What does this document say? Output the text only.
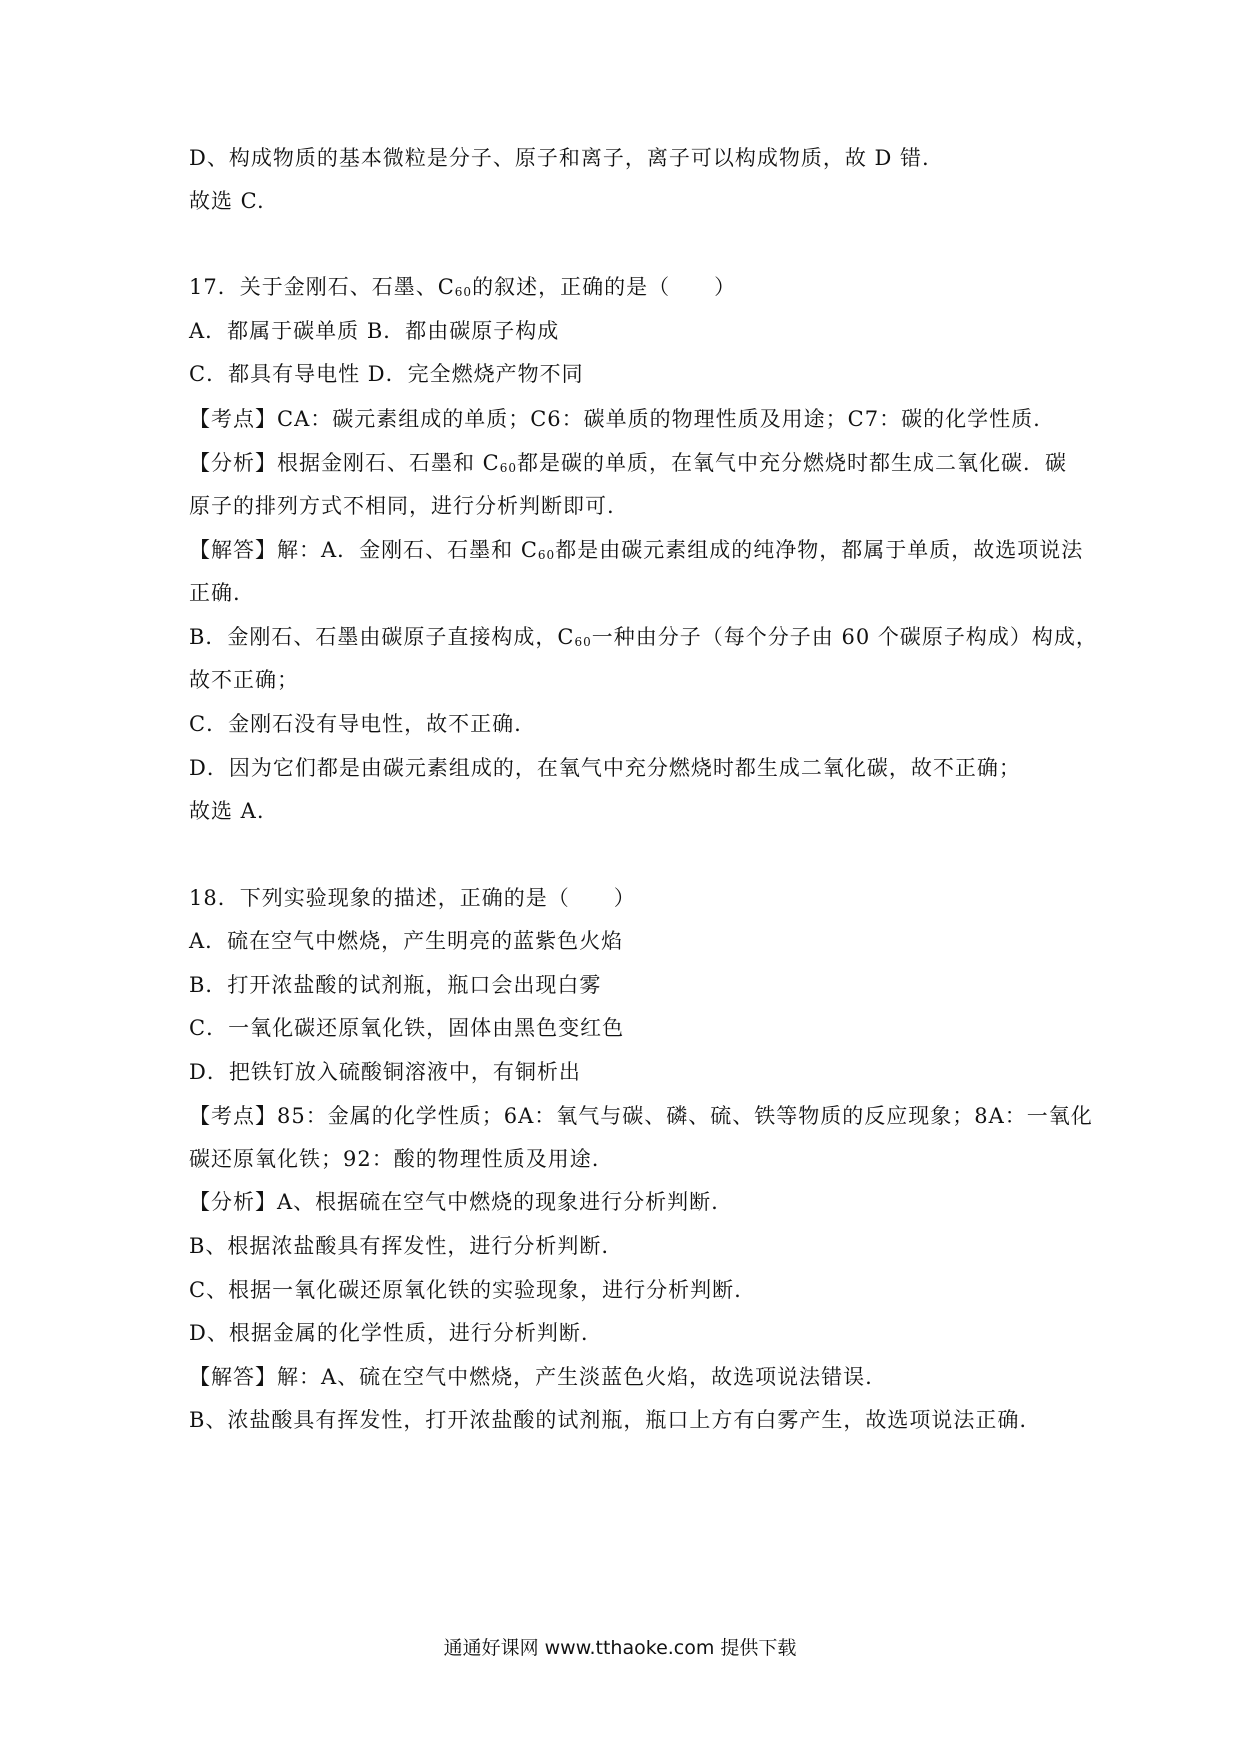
D、构成物质的基本微粒是分子、原子和离子，离子可以构成物质，故 D 错.
故选 C.
17．关于金刚石、石墨、C60的叙述，正确的是（　　）
A．都属于碳单质 B．都由碳原子构成
C．都具有导电性 D．完全燃烧产物不同
【考点】CA：碳元素组成的单质；C6：碳单质的物理性质及用途；C7：碳的化学性质.
【分析】根据金刚石、石墨和 C60都是碳的单质，在氧气中充分燃烧时都生成二氧化碳．碳
原子的排列方式不相同，进行分析判断即可.
【解答】解：A．金刚石、石墨和 C60都是由碳元素组成的纯净物，都属于单质，故选项说法
正确.
B．金刚石、石墨由碳原子直接构成，C60一种由分子（每个分子由 60 个碳原子构成）构成，
故不正确；
C．金刚石没有导电性，故不正确.
D．因为它们都是由碳元素组成的，在氧气中充分燃烧时都生成二氧化碳，故不正确；
故选 A.
18．下列实验现象的描述，正确的是（　　）
A．硫在空气中燃烧，产生明亮的蓝紫色火焰
B．打开浓盐酸的试剂瓶，瓶口会出现白雾
C．一氧化碳还原氧化铁，固体由黑色变红色
D．把铁钉放入硫酸铜溶液中，有铜析出
【考点】85：金属的化学性质；6A：氧气与碳、磷、硫、铁等物质的反应现象；8A：一氧化
碳还原氧化铁；92：酸的物理性质及用途.
【分析】A、根据硫在空气中燃烧的现象进行分析判断.
B、根据浓盐酸具有挥发性，进行分析判断.
C、根据一氧化碳还原氧化铁的实验现象，进行分析判断.
D、根据金属的化学性质，进行分析判断.
【解答】解：A、硫在空气中燃烧，产生淡蓝色火焰，故选项说法错误.
B、浓盐酸具有挥发性，打开浓盐酸的试剂瓶，瓶口上方有白雾产生，故选项说法正确.
通通好课网 www.tthaoke.com 提供下载
